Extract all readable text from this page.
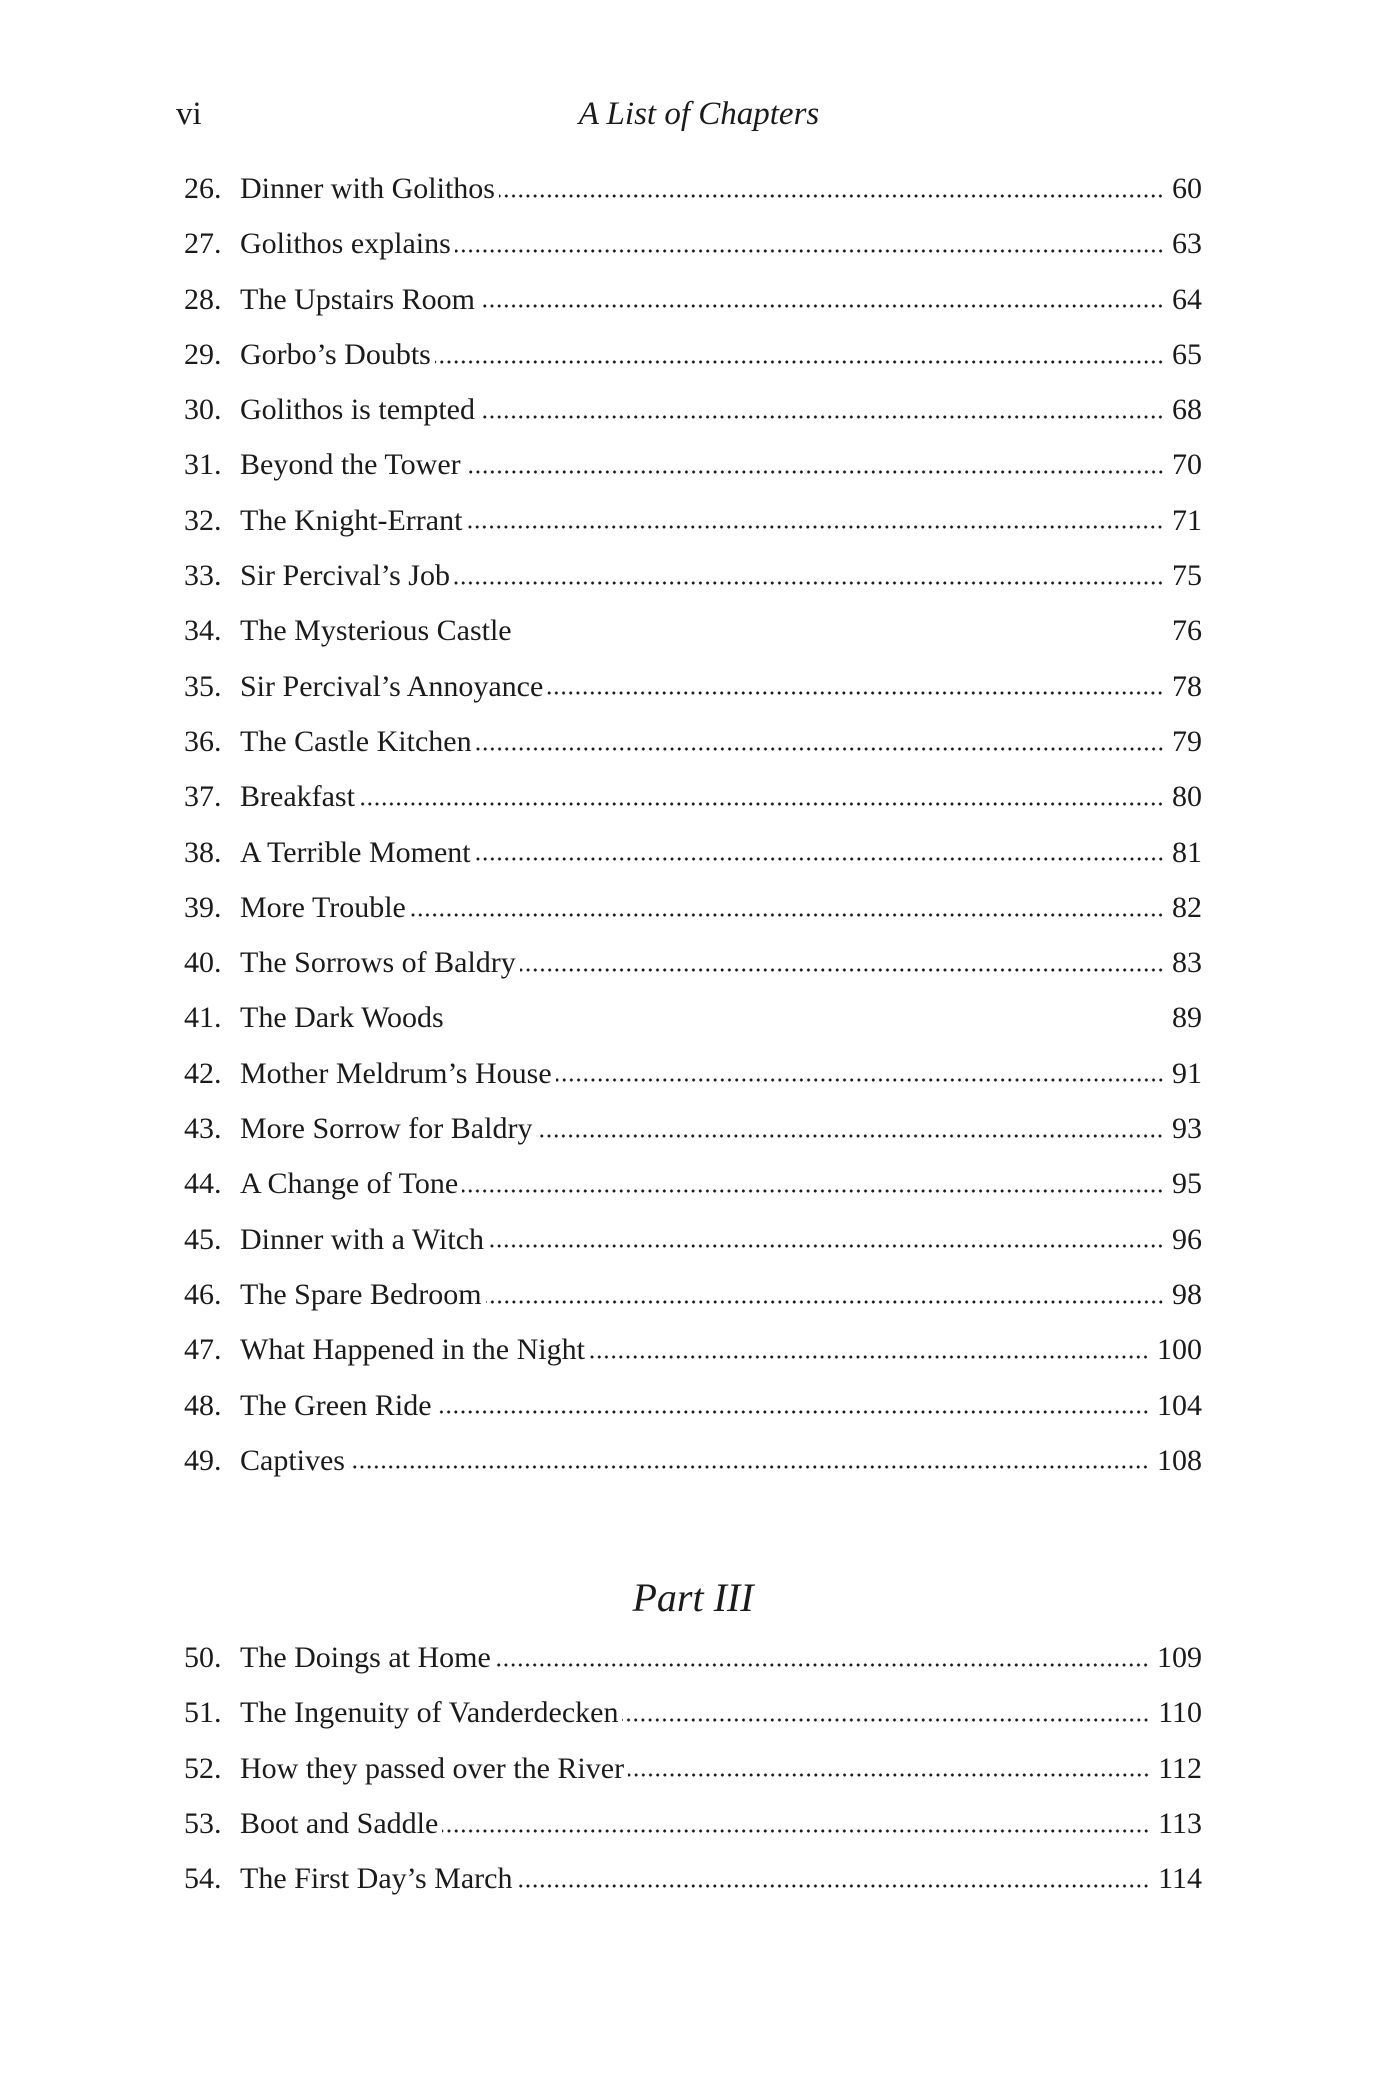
vi	A List of Chapters
26. Dinner with Golithos	60
27. Golithos explains	63
28. The Upstairs Room	64
29. Gorbo’s Doubts	65
30. Golithos is tempted	68
31. Beyond the Tower	70
32. The Knight-Errant	71
33. Sir Percival’s Job	75
34. The Mysterious Castle	76
35. Sir Percival’s Annoyance	78
36. The Castle Kitchen	79
37. Breakfast	80
38. A Terrible Moment	81
39. More Trouble	82
40. The Sorrows of Baldry	83
41. The Dark Woods	89
42. Mother Meldrum’s House	91
43. More Sorrow for Baldry	93
44. A Change of Tone	95
45. Dinner with a Witch	96
46. The Spare Bedroom	98
47. What Happened in the Night	100
48. The Green Ride	104
49. Captives	108
Part III
50. The Doings at Home	109
51. The Ingenuity of Vanderdecken	110
52. How they passed over the River	112
53. Boot and Saddle	113
54. The First Day’s March	114
